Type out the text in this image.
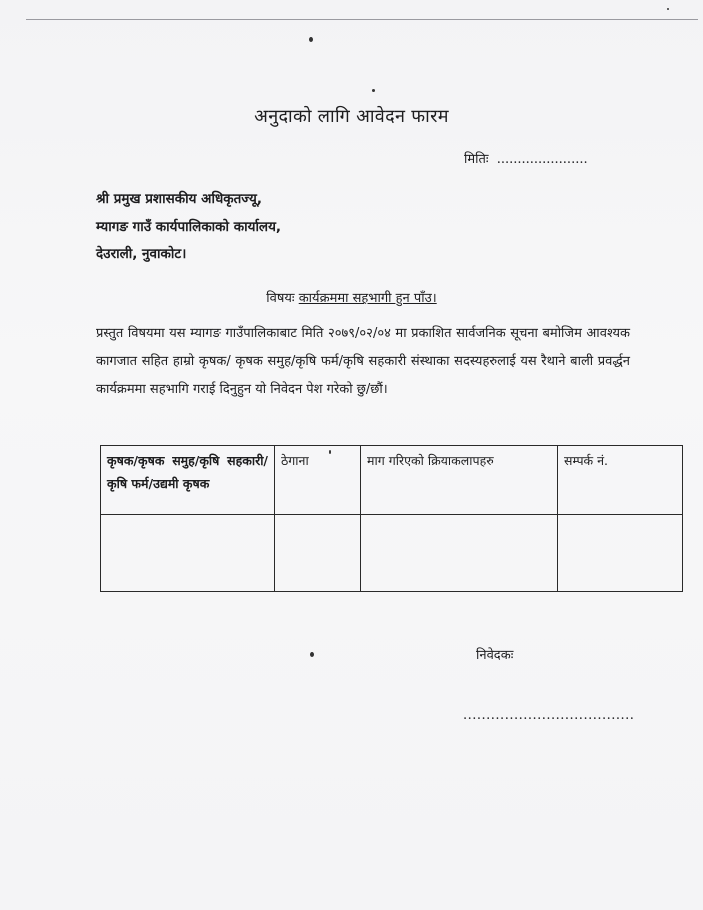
अनुदाको लागि आवेदन फारम
मितिः ......................
श्री प्रमुख प्रशासकीय अधिकृतज्यू,
म्यागङ गाउँ कार्यपालिकाको कार्यालय,
देउराली, नुवाकोट।
विषयः कार्यक्रममा सहभागी हुन पाँउ।
प्रस्तुत विषयमा यस म्यागङ गाउँपालिकाबाट मिति २०७९/०२/०४ मा प्रकाशित सार्वजनिक सूचना बमोजिम आवश्यक कागजात सहित हाम्रो कृषक/ कृषक समुह/कृषि फर्म/कृषि सहकारी संस्थाका सदस्यहरुलाई यस रैथाने बाली प्रवर्द्धन कार्यक्रममा सहभागि गराई दिनुहुन यो निवेदन पेश गरेको छु/छौं।
कृषक/कृषक समुह/कृषि सहकारी/कृषि फर्म/उद्यमी कृषक	ठेगाना	माग गरिएको क्रियाकलापहरु	सम्पर्क नं.

निवेदकः
.....................................
